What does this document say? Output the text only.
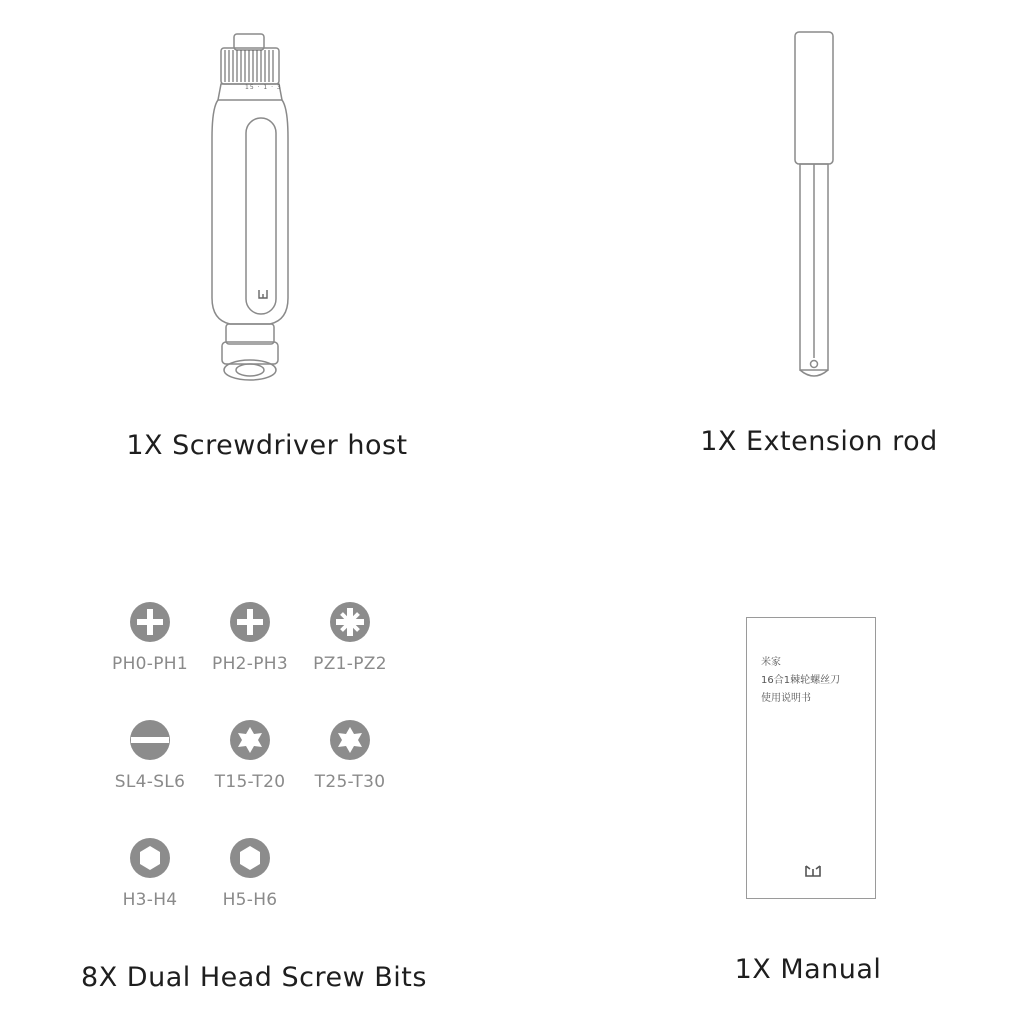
15 · 1 · 3
1X Screwdriver host	1X Extension rod
PH0-PH1 PH2-PH3 PZ1-PZ2
SL4-SL6 T15-T20 T25-T30
H3-H4	H5-H6
8X Dual Head Screw Bits
米家
16合1棘轮螺丝刀
使用说明书
1X Manual
